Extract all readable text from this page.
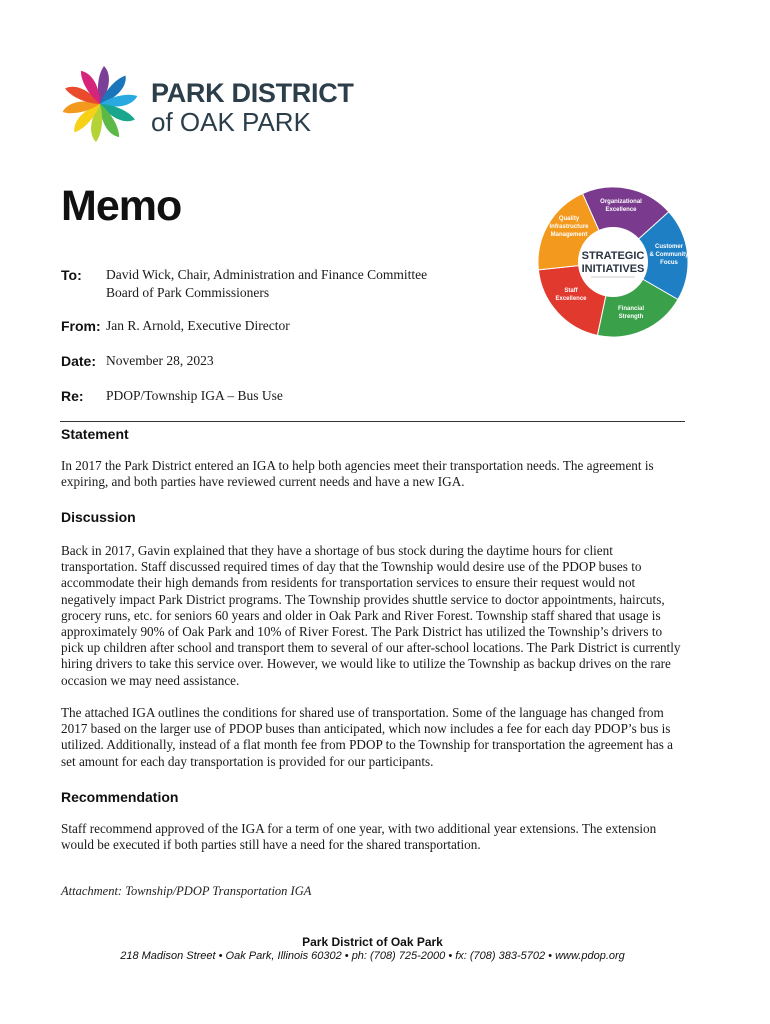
PARK DISTRICT
of OAK PARK
Memo
To: David Wick, Chair, Administration and Finance Committee
Board of Park Commissioners
From: Jan R. Arnold, Executive Director
Date: November 28, 2023
Re: PDOP/Township IGA – Bus Use
STRATEGIC
INITIATIVES
Organizational
Excellence
Customer
& Community
Focus
Financial
Strength
Staff
Excellence
Quality
Infrastructure
Management
Statement
In 2017 the Park District entered an IGA to help both agencies meet their transportation needs. The agreement is expiring, and both parties have reviewed current needs and have a new IGA.
Discussion
Back in 2017, Gavin explained that they have a shortage of bus stock during the daytime hours for client transportation. Staff discussed required times of day that the Township would desire use of the PDOP buses to accommodate their high demands from residents for transportation services to ensure their request would not negatively impact Park District programs. The Township provides shuttle service to doctor appointments, haircuts, grocery runs, etc. for seniors 60 years and older in Oak Park and River Forest. Township staff shared that usage is approximately 90% of Oak Park and 10% of River Forest. The Park District has utilized the Township’s drivers to pick up children after school and transport them to several of our after-school locations. The Park District is currently hiring drivers to take this service over. However, we would like to utilize the Township as backup drives on the rare occasion we may need assistance.
The attached IGA outlines the conditions for shared use of transportation. Some of the language has changed from 2017 based on the larger use of PDOP buses than anticipated, which now includes a fee for each day PDOP’s bus is utilized. Additionally, instead of a flat month fee from PDOP to the Township for transportation the agreement has a set amount for each day transportation is provided for our participants.
Recommendation
Staff recommend approved of the IGA for a term of one year, with two additional year extensions. The extension would be executed if both parties still have a need for the shared transportation.
Attachment: Township/PDOP Transportation IGA
Park District of Oak Park
218 Madison Street • Oak Park, Illinois 60302 • ph: (708) 725-2000 • fx: (708) 383-5702 • www.pdop.org
